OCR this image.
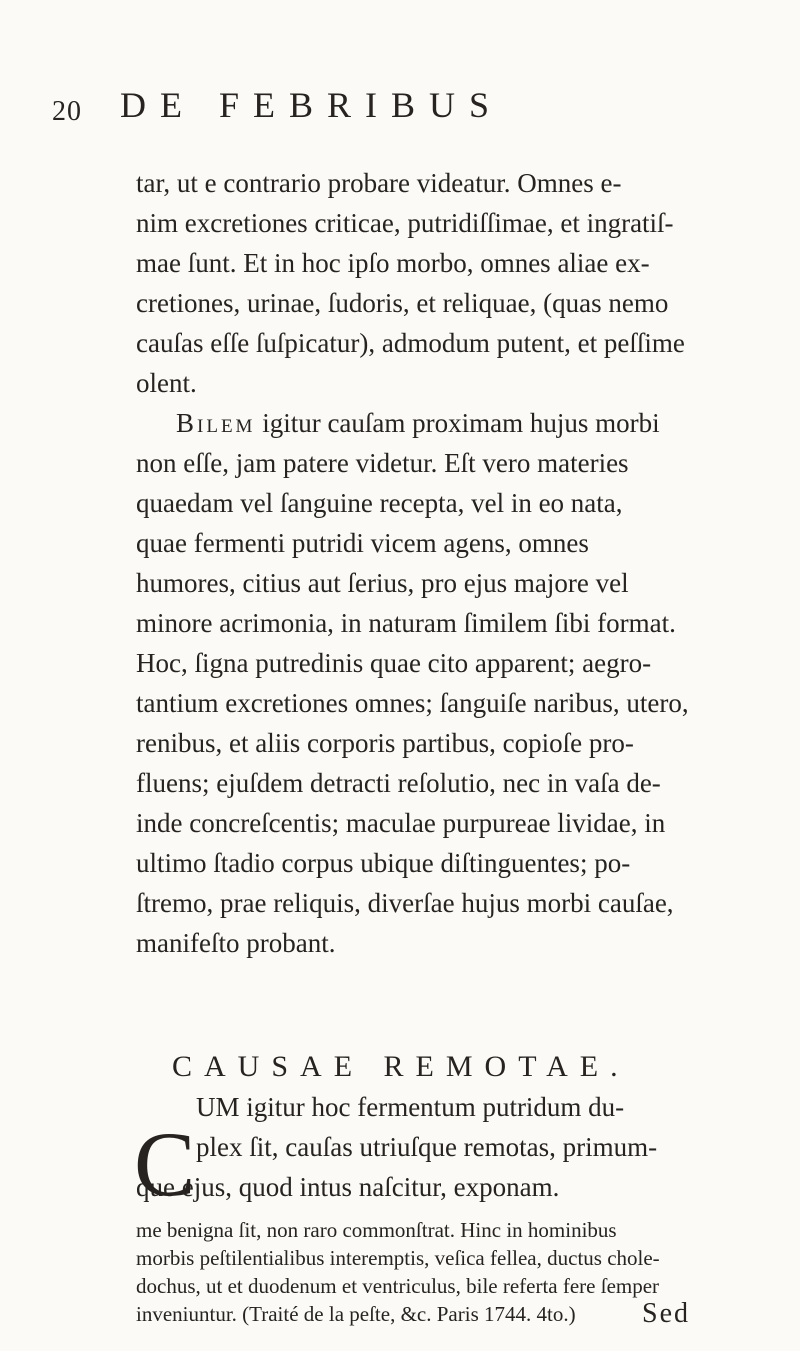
20 DE FEBRIBUS
tar, ut e contrario probare videatur. Omnes e-
nim excretiones criticae, putridiſſimae, et ingratiſ-
mae ſunt. Et in hoc ipſo morbo, omnes aliae ex-
cretiones, urinae, ſudoris, et reliquae, (quas nemo
cauſas eſſe ſuſpicatur), admodum putent, et peſſime
olent.
Bilem igitur cauſam proximam hujus morbi
non eſſe, jam patere videtur. Eſt vero materies
quaedam vel ſanguine recepta, vel in eo nata,
quae fermenti putridi vicem agens, omnes
humores, citius aut ſerius, pro ejus majore vel
minore acrimonia, in naturam ſimilem ſibi format.
Hoc, ſigna putredinis quae cito apparent; aegro-
tantium excretiones omnes; ſanguiſe naribus, utero,
renibus, et aliis corporis partibus, copioſe pro-
fluens; ejuſdem detracti reſolutio, nec in vaſa de-
inde concreſcentis; maculae purpureae lividae, in
ultimo ſtadio corpus ubique diſtinguentes; po-
ſtremo, prae reliquis, diverſae hujus morbi cauſae,
manifeſto probant.
CAUSAE REMOTAE.
C
UM igitur hoc fermentum putridum du-
plex ſit, cauſas utriuſque remotas, primum-
que ejus, quod intus naſcitur, exponam.
me benigna ſit, non raro commonſtrat. Hinc in hominibus
morbis peſtilentialibus interemptis, veſica fellea, ductus chole-
dochus, ut et duodenum et ventriculus, bile referta fere ſemper
inveniuntur. (Traité de la peſte, &c. Paris 1744. 4to.) Sed
